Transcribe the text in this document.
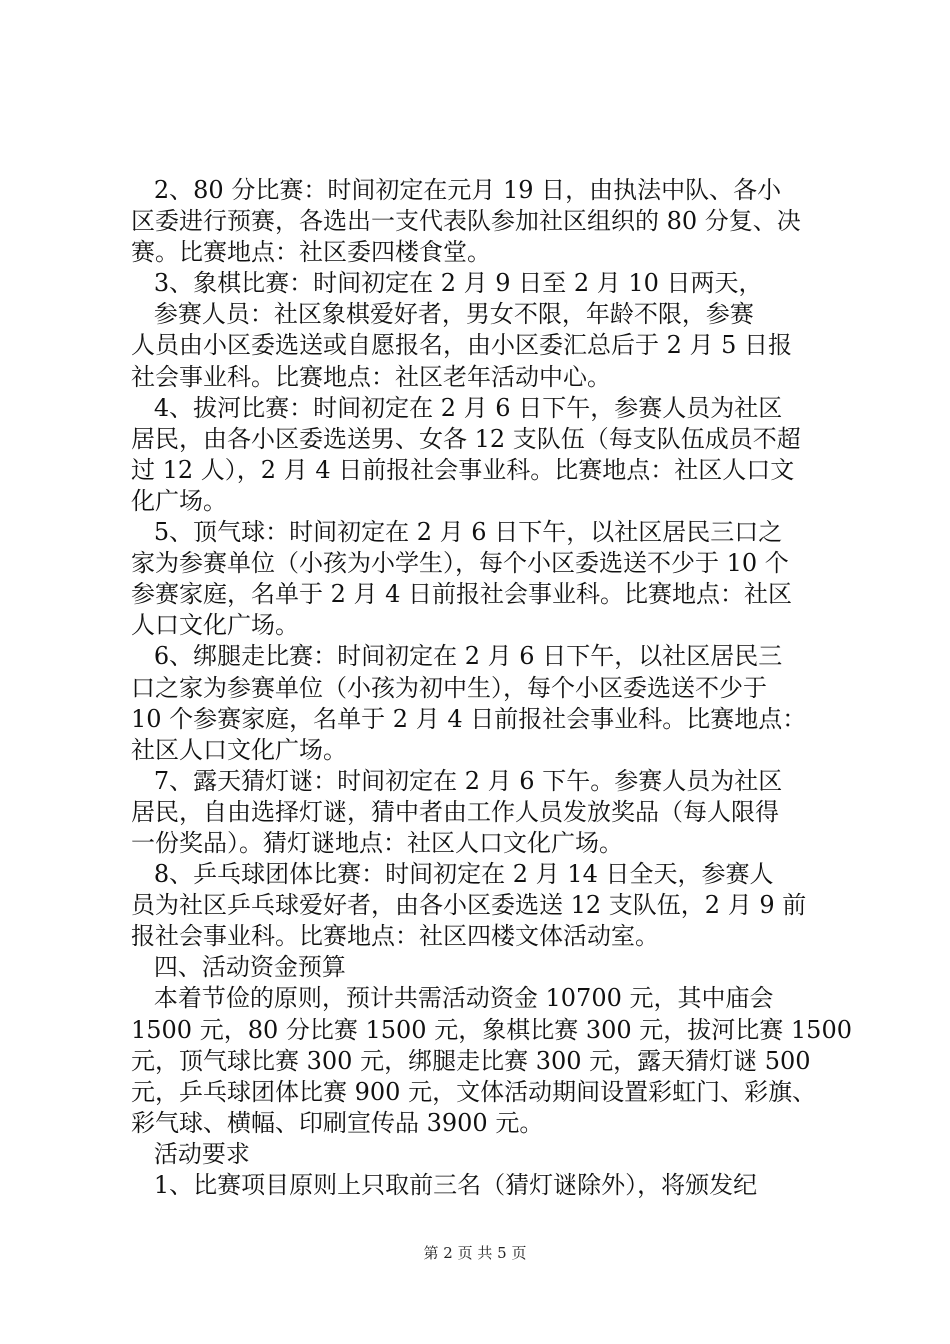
2、80 分比赛：时间初定在元月 19 日，由执法中队、各小
区委进行预赛，各选出一支代表队参加社区组织的 80 分复、决
赛。比赛地点：社区委四楼食堂。
3、象棋比赛：时间初定在 2 月 9 日至 2 月 10 日两天，
参赛人员：社区象棋爱好者，男女不限，年龄不限，参赛
人员由小区委选送或自愿报名，由小区委汇总后于 2 月 5 日报
社会事业科。比赛地点：社区老年活动中心。
4、拔河比赛：时间初定在 2 月 6 日下午，参赛人员为社区
居民，由各小区委选送男、女各 12 支队伍（每支队伍成员不超
过 12 人），2 月 4 日前报社会事业科。比赛地点：社区人口文
化广场。
5、顶气球：时间初定在 2 月 6 日下午，以社区居民三口之
家为参赛单位（小孩为小学生），每个小区委选送不少于 10 个
参赛家庭，名单于 2 月 4 日前报社会事业科。比赛地点：社区
人口文化广场。
6、绑腿走比赛：时间初定在 2 月 6 日下午，以社区居民三
口之家为参赛单位（小孩为初中生），每个小区委选送不少于
10 个参赛家庭，名单于 2 月 4 日前报社会事业科。比赛地点：
社区人口文化广场。
7、露天猜灯谜：时间初定在 2 月 6 下午。参赛人员为社区
居民，自由选择灯谜，猜中者由工作人员发放奖品（每人限得
一份奖品）。猜灯谜地点：社区人口文化广场。
8、乒乓球团体比赛：时间初定在 2 月 14 日全天，参赛人
员为社区乒乓球爱好者，由各小区委选送 12 支队伍，2 月 9 前
报社会事业科。比赛地点：社区四楼文体活动室。
四、活动资金预算
本着节俭的原则，预计共需活动资金 10700 元，其中庙会
1500 元，80 分比赛 1500 元，象棋比赛 300 元，拔河比赛 1500
元，顶气球比赛 300 元，绑腿走比赛 300 元，露天猜灯谜 500
元，乒乓球团体比赛 900 元，文体活动期间设置彩虹门、彩旗、
彩气球、横幅、印刷宣传品 3900 元。
活动要求
1、比赛项目原则上只取前三名（猜灯谜除外），将颁发纪
第 2 页 共 5 页
